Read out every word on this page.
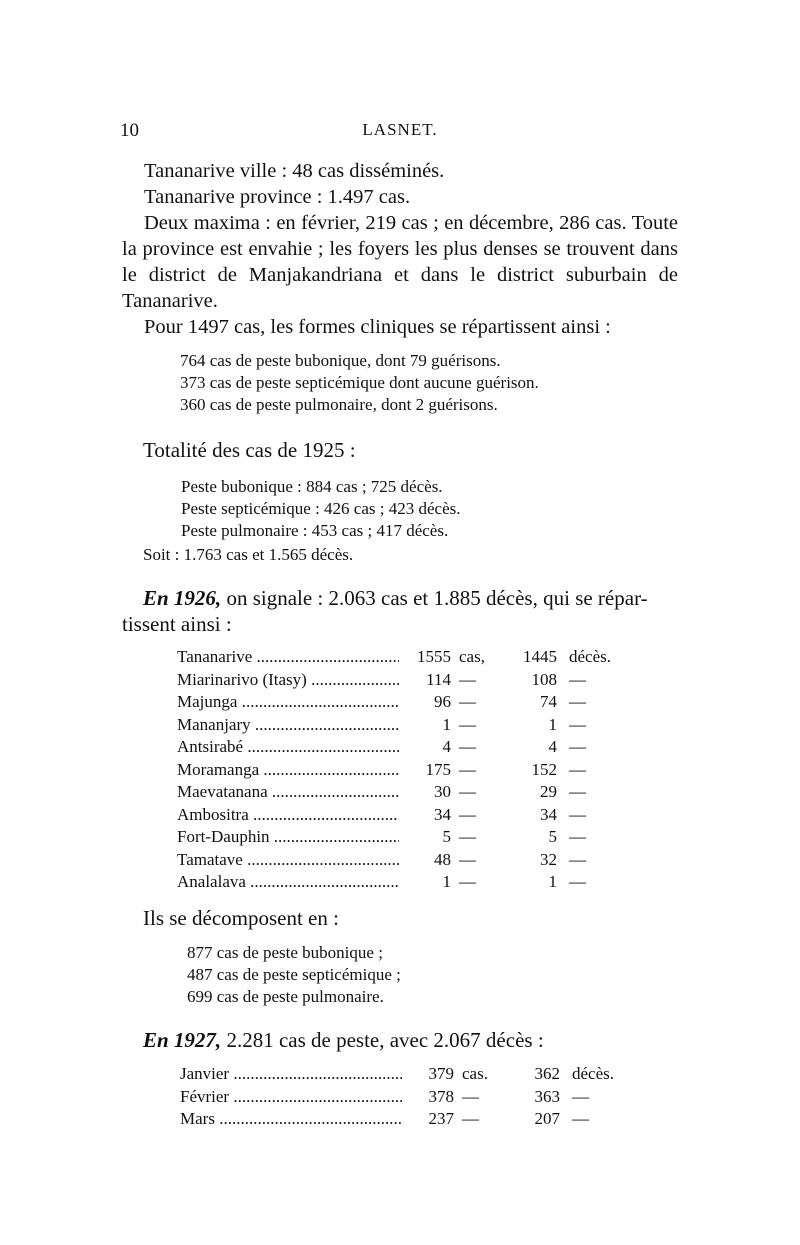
10	LASNET.

Tananarive ville : 48 cas disséminés.

Tananarive province : 1.497 cas.

Deux maxima : en février, 219 cas ; en décembre, 286 cas. Toute la province est envahie ; les foyers les plus denses se trouvent dans le district de Manjakandriana et dans le district suburbain de Tananarive.

Pour 1497 cas, les formes cliniques se répartissent ainsi :

764 cas de peste bubonique, dont 79 guérisons.
373 cas de peste septicémique dont aucune guérison.
360 cas de peste pulmonaire, dont 2 guérisons.
Totalité des cas de 1925 :
Peste bubonique : 884 cas ; 725 décès.
Peste septicémique : 426 cas ; 423 décès.
Peste pulmonaire : 453 cas ; 417 décès.
Soit : 1.763 cas et 1.565 décès.
En 1926, on signale : 2.063 cas et 1.885 décès, qui se répar-
tissent ainsi :
Tananarive .....	1555 cas,	1445 décès.
Miarinarivo (Itasy) .....	114 —	108 —
Majunga .....	96 —	74 —
Mananjary .....	1 —	1 —
Antsirabé .....	4 —	4 —
Moramanga .....	175 —	152 —
Maevatanana .....	30 —	29 —
Ambositra .....	34 —	34 —
Fort-Dauphin .....	5 —	5 —
Tamatave .....	48 —	32 —
Analalava .....	1 —	1 —
Ils se décomposent en :
877 cas de peste bubonique ;
487 cas de peste septicémique ;
699 cas de peste pulmonaire.
En 1927, 2.281 cas de peste, avec 2.067 décès :
Janvier .....	379 cas.	362 décès.
Février .....	378 —	363 —
Mars .....	237 —	207 —
